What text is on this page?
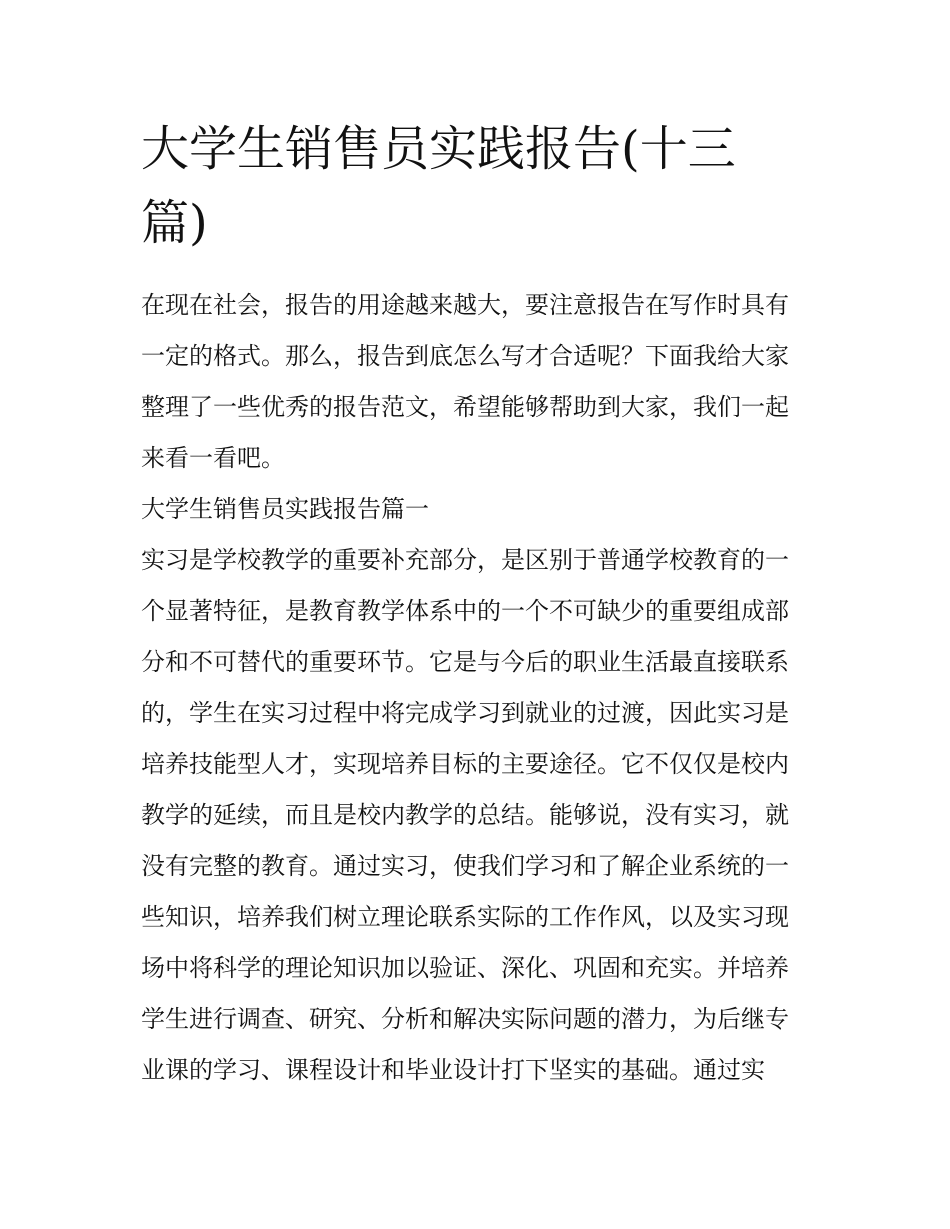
大学生销售员实践报告(十三
篇)

在现在社会，报告的用途越来越大，要注意报告在写作时具有
一定的格式。那么，报告到底怎么写才合适呢？下面我给大家
整理了一些优秀的报告范文，希望能够帮助到大家，我们一起
来看一看吧。

大学生销售员实践报告篇一

实习是学校教学的重要补充部分，是区别于普通学校教育的一
个显著特征，是教育教学体系中的一个不可缺少的重要组成部
分和不可替代的重要环节。它是与今后的职业生活最直接联系
的，学生在实习过程中将完成学习到就业的过渡，因此实习是
培养技能型人才，实现培养目标的主要途径。它不仅仅是校内
教学的延续，而且是校内教学的总结。能够说，没有实习，就
没有完整的教育。通过实习，使我们学习和了解企业系统的一
些知识，培养我们树立理论联系实际的工作作风，以及实习现
场中将科学的理论知识加以验证、深化、巩固和充实。并培养
学生进行调查、研究、分析和解决实际问题的潜力，为后继专
业课的学习、课程设计和毕业设计打下坚实的基础。通过实
